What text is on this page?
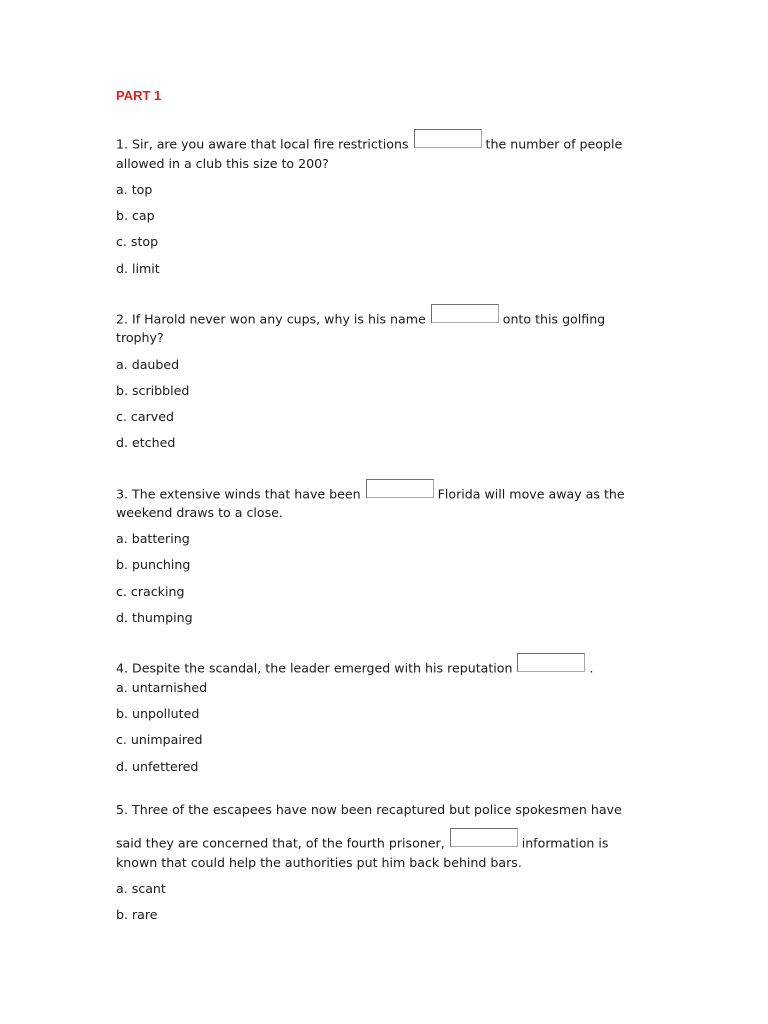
PART 1
1. Sir, are you aware that local fire restrictions	the number of people
allowed in a club this size to 200?
a. top
b. cap
c. stop
d. limit
2. If Harold never won any cups, why is his name	onto this golfing
trophy?
a. daubed
b. scribbled
c. carved
d. etched
3. The extensive winds that have been	Florida will move away as the
weekend draws to a close.
a. battering
b. punching
c. cracking
d. thumping
4. Despite the scandal, the leader emerged with his reputation	.
a. untarnished
b. unpolluted
c. unimpaired
d. unfettered
5. Three of the escapees have now been recaptured but police spokesmen have
said they are concerned that, of the fourth prisoner,	information is
known that could help the authorities put him back behind bars.
a. scant
b. rare
